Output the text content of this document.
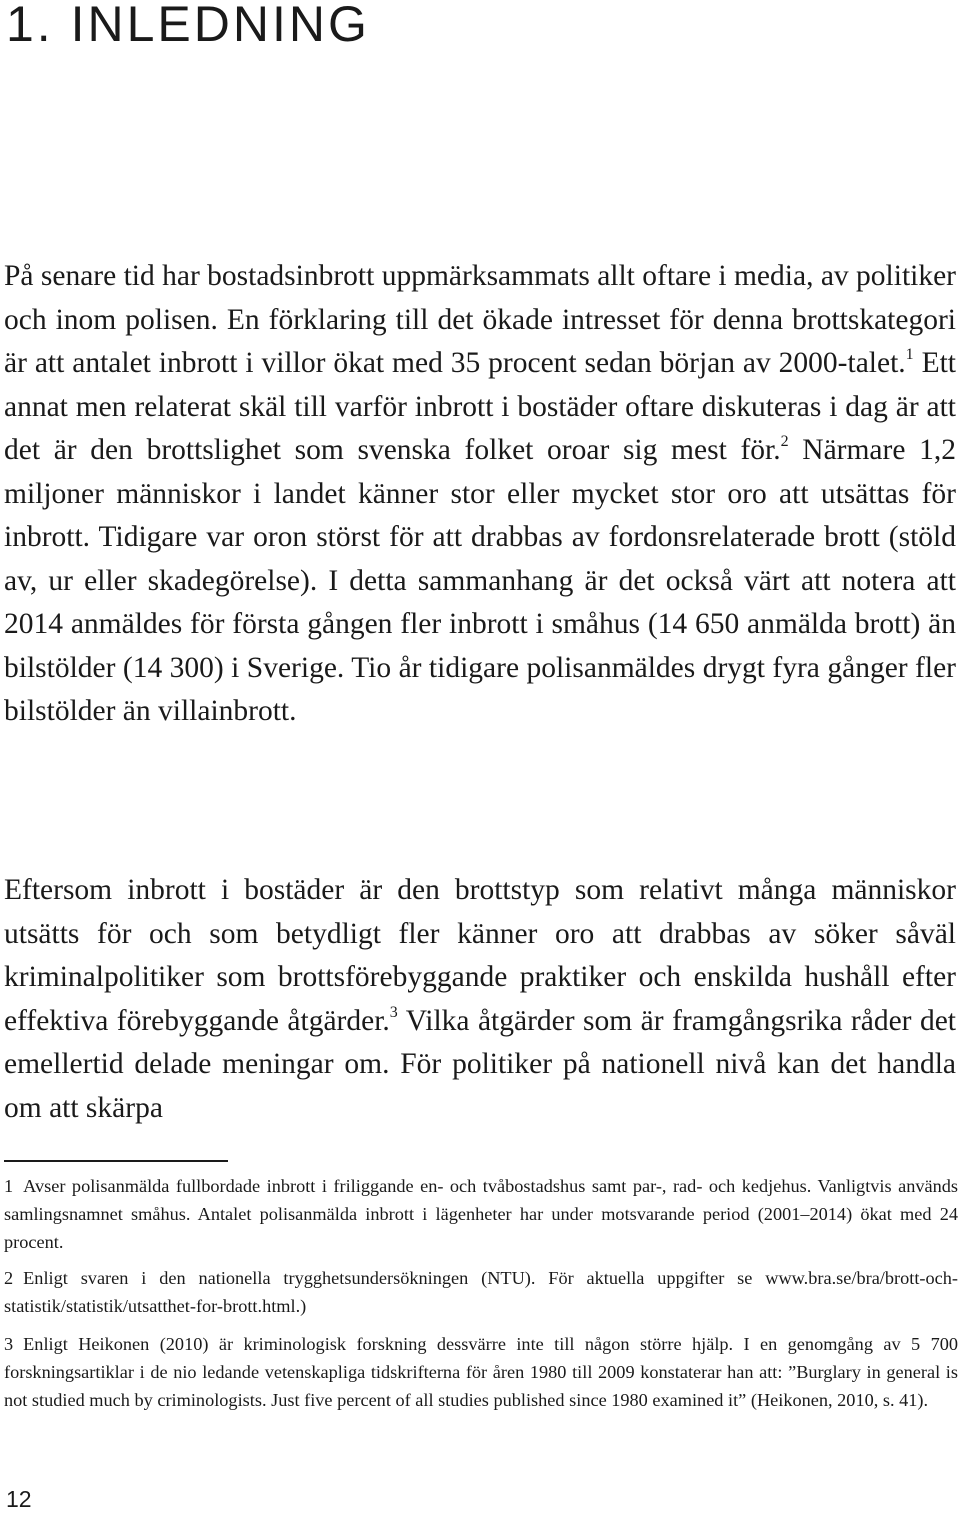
1. INLEDNING

På senare tid har bostadsinbrott uppmärksammats allt oftare i media, av politiker och inom polisen. En förklaring till det ökade intresset för denna brottskategori är att antalet inbrott i villor ökat med 35 procent sedan början av 2000-talet.$^1$ Ett annat men relaterat skäl till varför inbrott i bostäder oftare diskuteras i dag är att det är den brottslighet som svenska folket oroar sig mest för.$^2$ Närmare 1,2 miljoner människor i landet känner stor eller mycket stor oro att utsättas för inbrott. Tidigare var oron störst för att drabbas av fordonsrelaterade brott (stöld av, ur eller skadegörelse). I detta sammanhang är det också värt att notera att 2014 anmäldes för första gången fler inbrott i småhus (14 650 anmälda brott) än bilstölder (14 300) i Sverige. Tio år tidigare polisanmäldes drygt fyra gånger fler bilstölder än villainbrott.

Eftersom inbrott i bostäder är den brottstyp som relativt många människor utsätts för och som betydligt fler känner oro att drabbas av söker såväl kriminalpolitiker som brottsförebyggande praktiker och enskilda hushåll efter effektiva förebyggande åtgärder.$^3$ Vilka åtgärder som är framgångsrika råder det emellertid delade meningar om. För politiker på nationell nivå kan det handla om att skärpa

1 Avser polisanmälda fullbordade inbrott i friliggande en- och tvåbostadshus samt par-, rad- och kedjehus. Vanligtvis används samlingsnamnet småhus. Antalet polisanmälda inbrott i lägenheter har under motsvarande period (2001–2014) ökat med 24 procent.

2 Enligt svaren i den nationella trygghetsundersökningen (NTU). För aktuella uppgifter se www.bra.se/bra/brott-och-statistik/statistik/utsatthet-for-brott.html.)

3 Enligt Heikonen (2010) är kriminologisk forskning dessvärre inte till någon större hjälp. I en genomgång av 5 700 forskningsartiklar i de nio ledande vetenskapliga tidskrifterna för åren 1980 till 2009 konstaterar han att: ”Burglary in general is not studied much by criminologists. Just five percent of all studies published since 1980 examined it” (Heikonen, 2010, s. 41).

12
